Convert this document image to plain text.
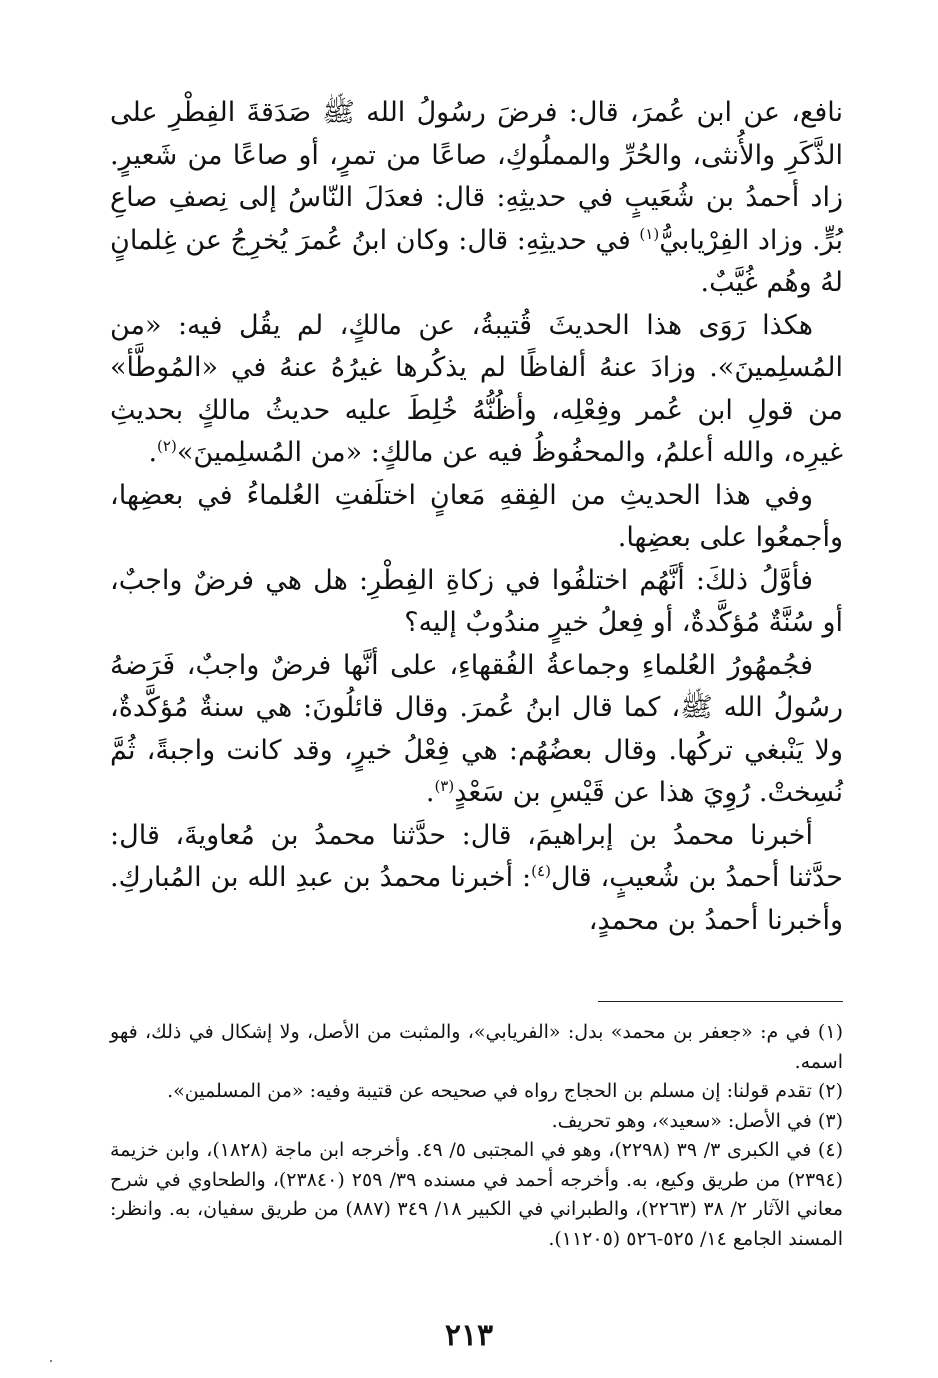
نافع، عن ابن عُمرَ، قال: فرضَ رسُولُ الله ﷺ صَدَقةَ الفِطْرِ على الذَّكَرِ والأُنثى، والحُرِّ والمملُوكِ، صاعًا من تمرٍ، أو صاعًا من شَعيرٍ. زاد أحمدُ بن شُعَيبٍ في حديثِهِ: قال: فعدَلَ النّاسُ إلى نِصفِ صاعِ بُرٍّ. وزاد الفِرْيابيُّ$^{(١)}$ في حديثِهِ: قال: وكان ابنُ عُمرَ يُخرِجُ عن غِلمانٍ لهُ وهُم غُيَّبٌ.

هكذا رَوَى هذا الحديثَ قُتيبةُ، عن مالكٍ، لم يقُل فيه: «من المُسلِمينَ». وزادَ عنهُ ألفاظًا لم يذكُرها غيرُهُ عنهُ في «المُوطَّأ» من قولِ ابن عُمر وفِعْلِه، وأظُنُّهُ خُلِطَ عليه حديثُ مالكٍ بحديثِ غيرِه، والله أعلمُ، والمحفُوظُ فيه عن مالكٍ: «من المُسلِمينَ»$^{(٢)}$.

وفي هذا الحديثِ من الفِقهِ مَعانٍ اختلَفتِ العُلماءُ في بعضِها، وأجمعُوا على بعضِها.

فأوَّلُ ذلكَ: أنَّهُم اختلفُوا في زكاةِ الفِطْرِ: هل هي فرضٌ واجبٌ، أو سُنَّةٌ مُؤكَّدةٌ، أو فِعلُ خيرٍ مندُوبٌ إليه؟

فجُمهُورُ العُلماءِ وجماعةُ الفُقهاءِ، على أنَّها فرضٌ واجبٌ، فَرَضهُ رسُولُ الله ﷺ، كما قال ابنُ عُمرَ. وقال قائلُونَ: هي سنةٌ مُؤكَّدةٌ، ولا يَنْبغي تركُها. وقال بعضُهُم: هي فِعْلُ خيرٍ، وقد كانت واجبةً، ثُمَّ نُسِختْ. رُوِيَ هذا عن قَيْسِ بن سَعْدٍ$^{(٣)}$.

أخبرنا محمدُ بن إبراهيمَ، قال: حدَّثنا محمدُ بن مُعاويةَ، قال: حدَّثنا أحمدُ بن شُعيبٍ، قال$^{(٤)}$: أخبرنا محمدُ بن عبدِ الله بن المُباركِ. وأخبرنا أحمدُ بن محمدٍ،

(١) في م: «جعفر بن محمد» بدل: «الفريابي»، والمثبت من الأصل، ولا إشكال في ذلك، فهو اسمه.

(٢) تقدم قولنا: إن مسلم بن الحجاج رواه في صحيحه عن قتيبة وفيه: «من المسلمين».

(٣) في الأصل: «سعيد»، وهو تحريف.

(٤) في الكبرى ٣/ ٣٩ (٢٢٩٨)، وهو في المجتبى ٥/ ٤٩. وأخرجه ابن ماجة (١٨٢٨)، وابن خزيمة (٢٣٩٤) من طريق وكيع، به. وأخرجه أحمد في مسنده ٣٩/ ٢٥٩ (٢٣٨٤٠)، والطحاوي في شرح معاني الآثار ٢/ ٣٨ (٢٢٦٣)، والطبراني في الكبير ١٨/ ٣٤٩ (٨٨٧) من طريق سفيان، به. وانظر: المسند الجامع ١٤/ ٥٢٥-٥٢٦ (١١٢٠٥).

٢١٣
